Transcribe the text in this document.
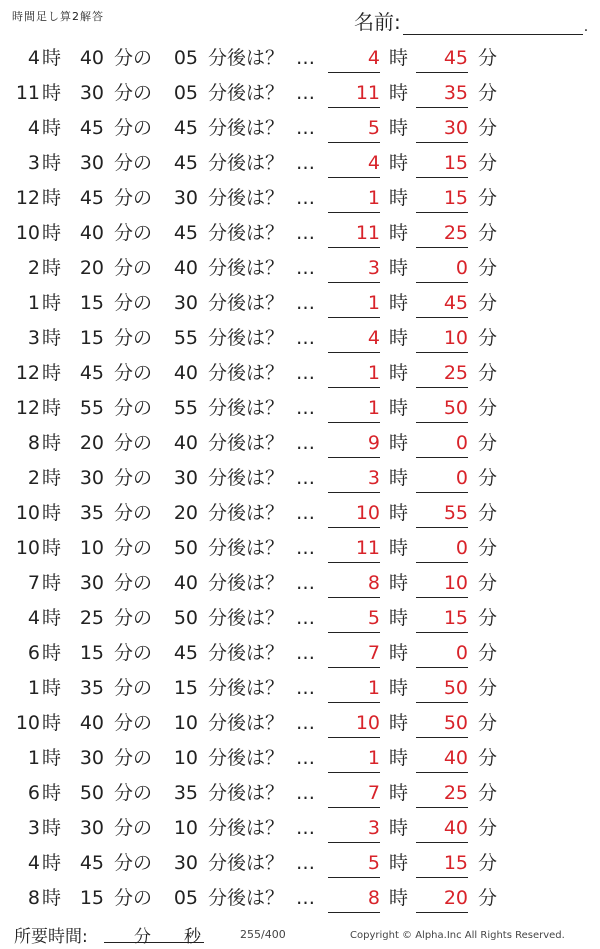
時間足し算2解答	名前:	.
4 時 40 分の	05 分後は？ …	4 時	45 分
11 時 30 分の	05 分後は？ …	11 時	35 分
4 時 45 分の	45 分後は？ …	5 時	30 分
3 時 30 分の	45 分後は？ …	4 時	15 分
12 時 45 分の	30 分後は？ …	1 時	15 分
10 時 40 分の	45 分後は？ …	11 時	25 分
2 時 20 分の	40 分後は？ …	3 時	0 分
1 時 15 分の	30 分後は？ …	1 時	45 分
3 時 15 分の	55 分後は？ …	4 時	10 分
12 時 45 分の	40 分後は？ …	1 時	25 分
12 時 55 分の	55 分後は？ …	1 時	50 分
8 時 20 分の	40 分後は？ …	9 時	0 分
2 時 30 分の	30 分後は？ …	3 時	0 分
10 時 35 分の	20 分後は？ …	10 時	55 分
10 時 10 分の	50 分後は？ …	11 時	0 分
7 時 30 分の	40 分後は？ …	8 時	10 分
4 時 25 分の	50 分後は？ …	5 時	15 分
6 時 15 分の	45 分後は？ …	7 時	0 分
1 時 35 分の	15 分後は？ …	1 時	50 分
10 時 40 分の	10 分後は？ …	10 時	50 分
1 時 30 分の	10 分後は？ …	1 時	40 分
6 時 50 分の	35 分後は？ …	7 時	25 分
3 時 30 分の	10 分後は？ …	3 時	40 分
4 時 45 分の	30 分後は？ …	5 時	15 分
8 時 15 分の	05 分後は？ …	8 時	20 分
所要時間:	分 秒	255/400	Copyright © Alpha.Inc All Rights Reserved.
